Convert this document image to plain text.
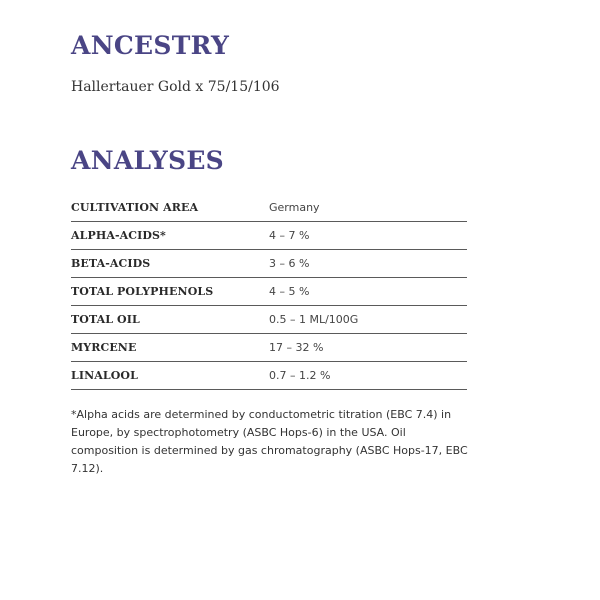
ANCESTRY

Hallertauer Gold x 75/15/106

ANALYSES
CULTIVATION AREA	Germany
ALPHA-ACIDS*	4 – 7 %
BETA-ACIDS	3 – 6 %
TOTAL POLYPHENOLS	4 – 5 %
TOTAL OIL	0.5 – 1 ML/100G
MYRCENE	17 – 32 %
LINALOOL	0.7 – 1.2 %

*Alpha acids are determined by conductometric titration (EBC 7.4) in Europe, by spectrophotometry (ASBC Hops-6) in the USA. Oil composition is determined by gas chromatography (ASBC Hops-17, EBC 7.12).
